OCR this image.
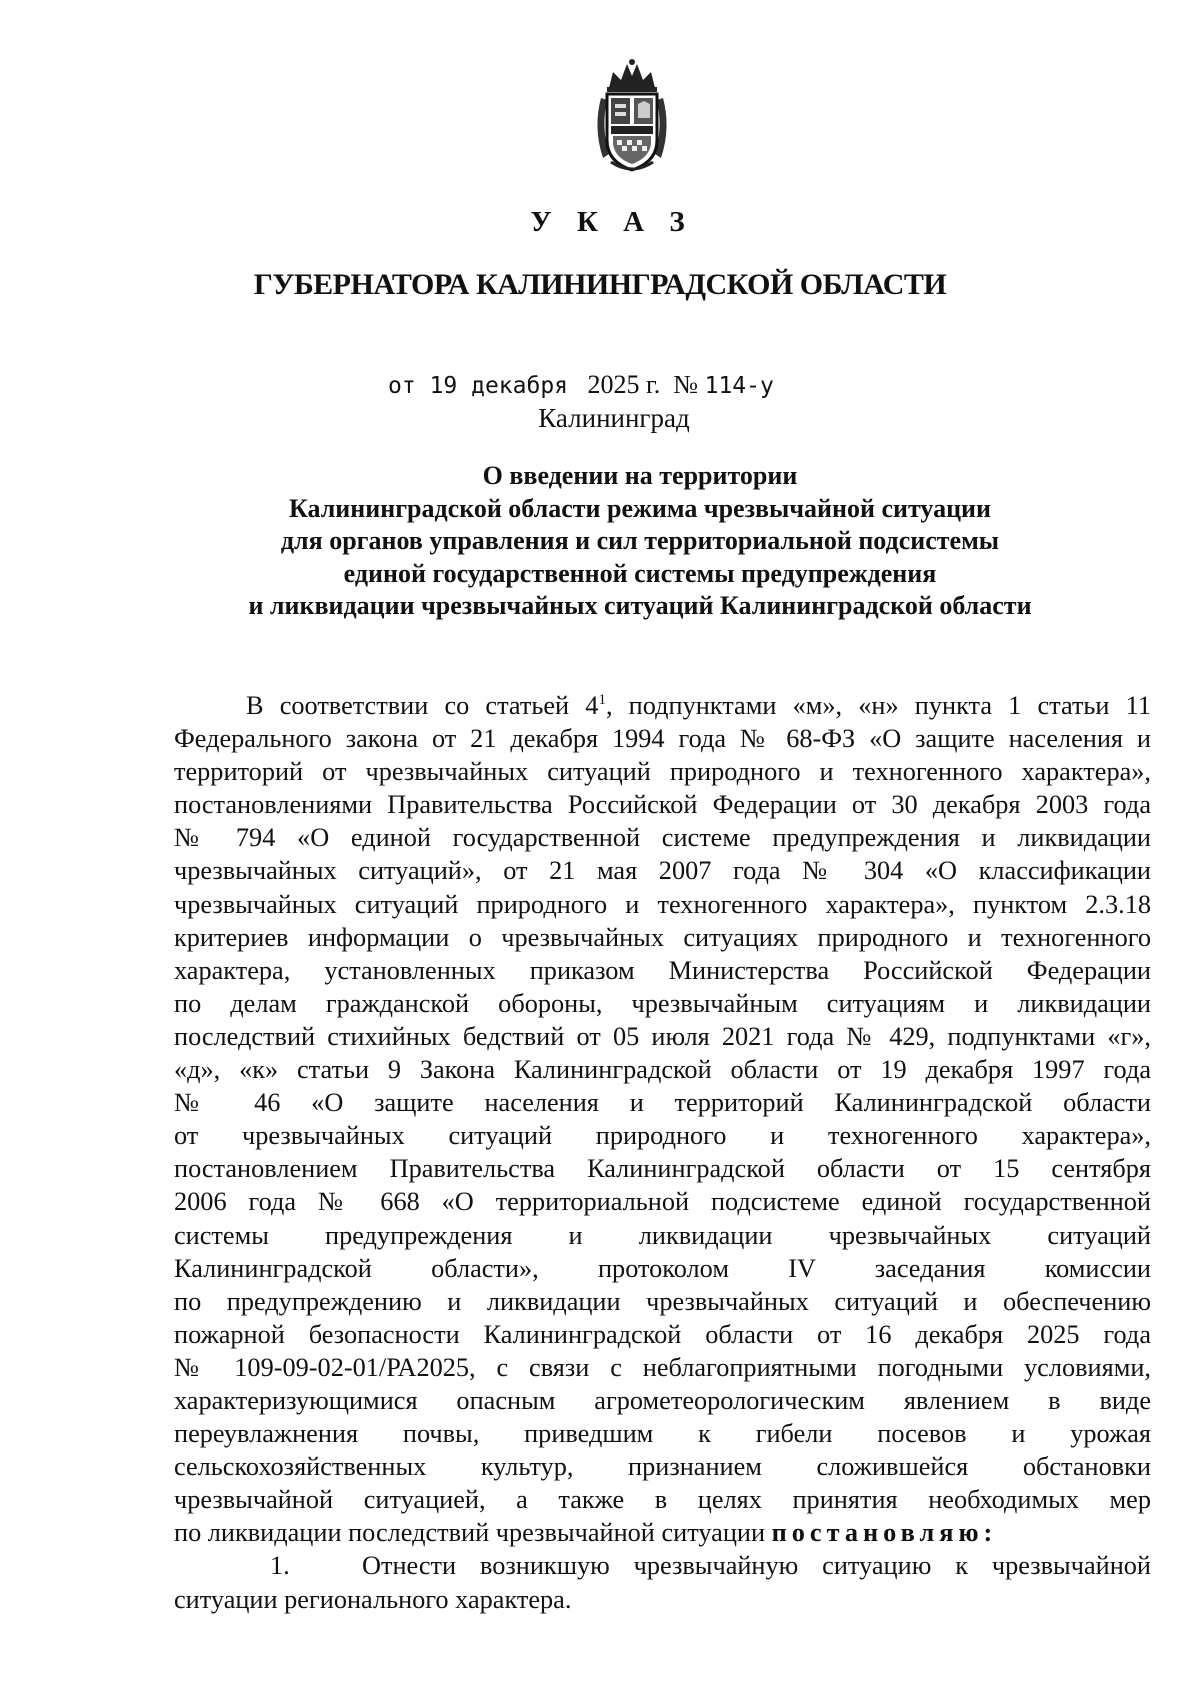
У К А З
ГУБЕРНАТОРА КАЛИНИНГРАДСКОЙ ОБЛАСТИ
от 19 декабря 2025 г. № 114-у
Калининград
О введении на территории
Калининградской области режима чрезвычайной ситуации
для органов управления и сил территориальной подсистемы
единой государственной системы предупреждения
и ликвидации чрезвычайных ситуаций Калининградской области

В соответствии со статьей $4^1$, подпунктами «м», «н» пункта 1 статьи 11
Федерального закона от 21 декабря 1994 года № 68-ФЗ «О защите населения и
территорий от чрезвычайных ситуаций природного и техногенного характера»,
постановлениями Правительства Российской Федерации от 30 декабря 2003 года
№ 794 «О единой государственной системе предупреждения и ликвидации
чрезвычайных ситуаций», от 21 мая 2007 года № 304 «О классификации
чрезвычайных ситуаций природного и техногенного характера», пунктом 2.3.18
критериев информации о чрезвычайных ситуациях природного и техногенного
характера, установленных приказом Министерства Российской Федерации
по делам гражданской обороны, чрезвычайным ситуациям и ликвидации
последствий стихийных бедствий от 05 июля 2021 года № 429, подпунктами «г»,
«д», «к» статьи 9 Закона Калининградской области от 19 декабря 1997 года
№ 46 «О защите населения и территорий Калининградской области
от чрезвычайных ситуаций природного и техногенного характера»,
постановлением Правительства Калининградской области от 15 сентября
2006 года № 668 «О территориальной подсистеме единой государственной
системы предупреждения и ликвидации чрезвычайных ситуаций
Калининградской области», протоколом IV заседания комиссии
по предупреждению и ликвидации чрезвычайных ситуаций и обеспечению
пожарной безопасности Калининградской области от 16 декабря 2025 года
№ 109-09-02-01/РА2025, с связи с неблагоприятными погодными условиями,
характеризующимися опасным агрометеорологическим явлением в виде
переувлажнения почвы, приведшим к гибели посевов и урожая
сельскохозяйственных культур, признанием сложившейся обстановки
чрезвычайной ситуацией, а также в целях принятия необходимых мер
по ликвидации последствий чрезвычайной ситуации постановляю:

1.	Отнести возникшую чрезвычайную ситуацию к чрезвычайной
ситуации регионального характера.
